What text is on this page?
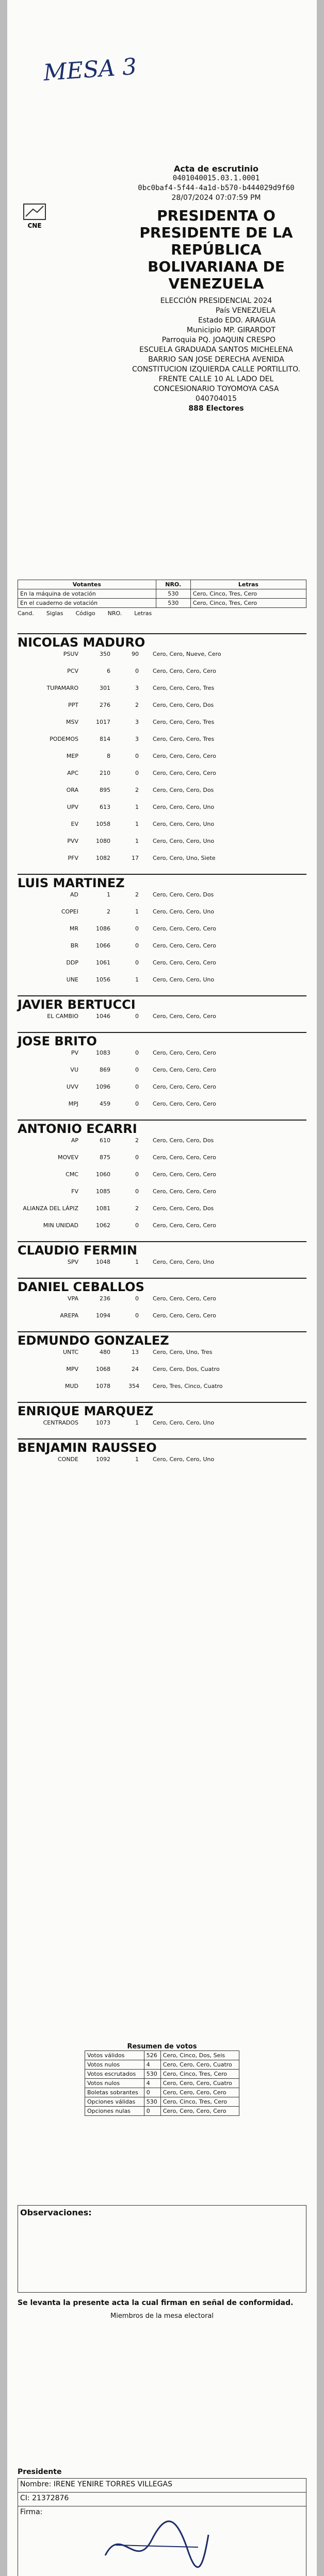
MESA 3
CNE
Acta de escrutinio
0401040015.03.1.0001
0bc0baf4-5f44-4a1d-b570-b444029d9f60
28/07/2024 07:07:59 PM
PRESIDENTA O PRESIDENTE DE LA REPÚBLICA BOLIVARIANA DE VENEZUELA
ELECCIÓN PRESIDENCIAL 2024
País VENEZUELA
Estado EDO. ARAGUA
Municipio MP. GIRARDOT
Parroquia PQ. JOAQUIN CRESPO
ESCUELA GRADUADA SANTOS MICHELENA
BARRIO SAN JOSE DERECHA AVENIDA CONSTITUCION IZQUIERDA CALLE PORTILLITO. FRENTE CALLE 10 AL LADO DEL CONCESIONARIO TOYOMOYA CASA
040704015
888 Electores
Votantes	NRO.	Letras
En la máquina de votación	530	Cero, Cinco, Tres, Cero
En el cuaderno de votación	530	Cero, Cinco, Tres, Cero
Cand. Siglas Código NRO. Letras
NICOLAS MADURO
PSUV	350	90 Cero, Cero, Nueve, Cero
PCV	6	0 Cero, Cero, Cero, Cero
TUPAMARO	301	3 Cero, Cero, Cero, Tres
PPT	276	2 Cero, Cero, Cero, Dos
MSV	1017	3 Cero, Cero, Cero, Tres
PODEMOS	814	3 Cero, Cero, Cero, Tres
MEP	8	0 Cero, Cero, Cero, Cero
APC	210	0 Cero, Cero, Cero, Cero
ORA	895	2 Cero, Cero, Cero, Dos
UPV	613	1 Cero, Cero, Cero, Uno
EV	1058	1 Cero, Cero, Cero, Uno
PVV	1080	1 Cero, Cero, Cero, Uno
PFV	1082	17 Cero, Cero, Uno, Siete
LUIS MARTINEZ
AD	1	2 Cero, Cero, Cero, Dos
COPEI	2	1 Cero, Cero, Cero, Uno
MR	1086	0 Cero, Cero, Cero, Cero
BR	1066	0 Cero, Cero, Cero, Cero
DDP	1061	0 Cero, Cero, Cero, Cero
UNE	1056	1 Cero, Cero, Cero, Uno
JAVIER BERTUCCI
EL CAMBIO	1046	0 Cero, Cero, Cero, Cero
JOSE BRITO
PV	1083	0 Cero, Cero, Cero, Cero
VU	869	0 Cero, Cero, Cero, Cero
UVV	1096	0 Cero, Cero, Cero, Cero
MPJ	459	0 Cero, Cero, Cero, Cero
ANTONIO ECARRI
AP	610	2 Cero, Cero, Cero, Dos
MOVEV	875	0 Cero, Cero, Cero, Cero
CMC	1060	0 Cero, Cero, Cero, Cero
FV	1085	0 Cero, Cero, Cero, Cero
ALIANZA DEL LÁPIZ	1081	2 Cero, Cero, Cero, Dos
MIN UNIDAD	1062	0 Cero, Cero, Cero, Cero
CLAUDIO FERMIN
SPV	1048	1 Cero, Cero, Cero, Uno
DANIEL CEBALLOS
VPA	236	0 Cero, Cero, Cero, Cero
AREPA	1094	0 Cero, Cero, Cero, Cero
EDMUNDO GONZALEZ
UNTC	480	13 Cero, Cero, Uno, Tres
MPV	1068	24 Cero, Cero, Dos, Cuatro
MUD	1078	354 Cero, Tres, Cinco, Cuatro
ENRIQUE MARQUEZ
CENTRADOS	1073	1 Cero, Cero, Cero, Uno
BENJAMIN RAUSSEO
CONDE	1092	1 Cero, Cero, Cero, Uno
Resumen de votos
Votos válidos	526	Cero, Cinco, Dos, Seis
Votos nulos	4	Cero, Cero, Cero, Cuatro
Votos escrutados	530	Cero, Cinco, Tres, Cero
Votos nulos	4	Cero, Cero, Cero, Cuatro
Boletas sobrantes	0	Cero, Cero, Cero, Cero
Opciones válidas	530	Cero, Cinco, Tres, Cero
Opciones nulas	0	Cero, Cero, Cero, Cero
Observaciones:
Se levanta la presente acta la cual firman en señal de conformidad.
Miembros de la mesa electoral
Presidente
Nombre: IRENE YENIRE TORRES VILLEGAS
CI: 21372876
Firma:
